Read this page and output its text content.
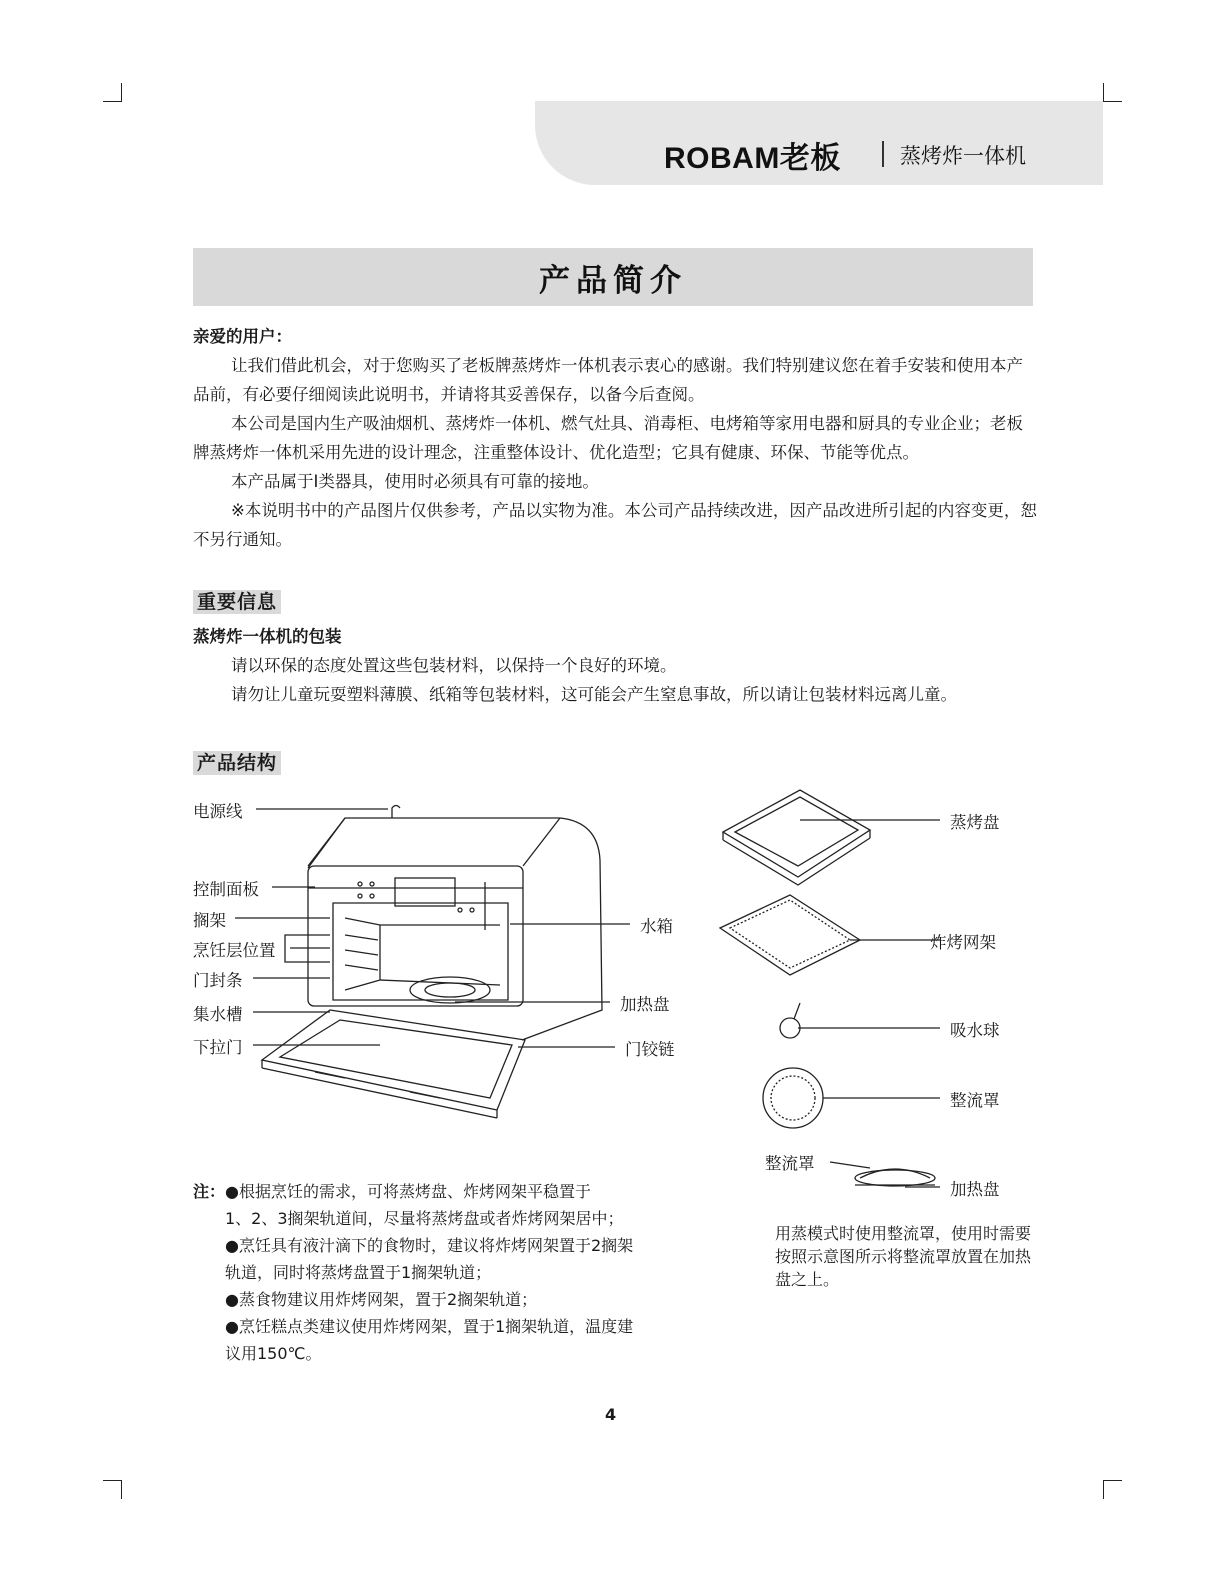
ROBAM老板	蒸烤炸一体机
产品简介

亲爱的用户：

让我们借此机会，对于您购买了老板牌蒸烤炸一体机表示衷心的感谢。我们特别建议您在着手安装和使用本产品前，有必要仔细阅读此说明书，并请将其妥善保存，以备今后查阅。

本公司是国内生产吸油烟机、蒸烤炸一体机、燃气灶具、消毒柜、电烤箱等家用电器和厨具的专业企业；老板牌蒸烤炸一体机采用先进的设计理念，注重整体设计、优化造型；它具有健康、环保、节能等优点。

本产品属于I类器具，使用时必须具有可靠的接地。

※本说明书中的产品图片仅供参考，产品以实物为准。本公司产品持续改进，因产品改进所引起的内容变更，恕不另行通知。

重要信息

蒸烤炸一体机的包装

请以环保的态度处置这些包装材料，以保持一个良好的环境。

请勿让儿童玩耍塑料薄膜、纸箱等包装材料，这可能会产生窒息事故，所以请让包装材料远离儿童。

产品结构
电源线
控制面板
搁架
烹饪层位置
门封条
集水槽
下拉门
水箱
加热盘
门铰链
蒸烤盘
炸烤网架
吸水球
整流罩
整流罩
加热盘
注：●根据烹饪的需求，可将蒸烤盘、炸烤网架平稳置于
1、2、3搁架轨道间，尽量将蒸烤盘或者炸烤网架居中；
●烹饪具有液汁滴下的食物时，建议将炸烤网架置于2搁架
轨道，同时将蒸烤盘置于1搁架轨道；
●蒸食物建议用炸烤网架，置于2搁架轨道；
●烹饪糕点类建议使用炸烤网架，置于1搁架轨道，温度建
议用150℃。
用蒸模式时使用整流罩，使用时需要按照示意图所示将整流罩放置在加热盘之上。
4
